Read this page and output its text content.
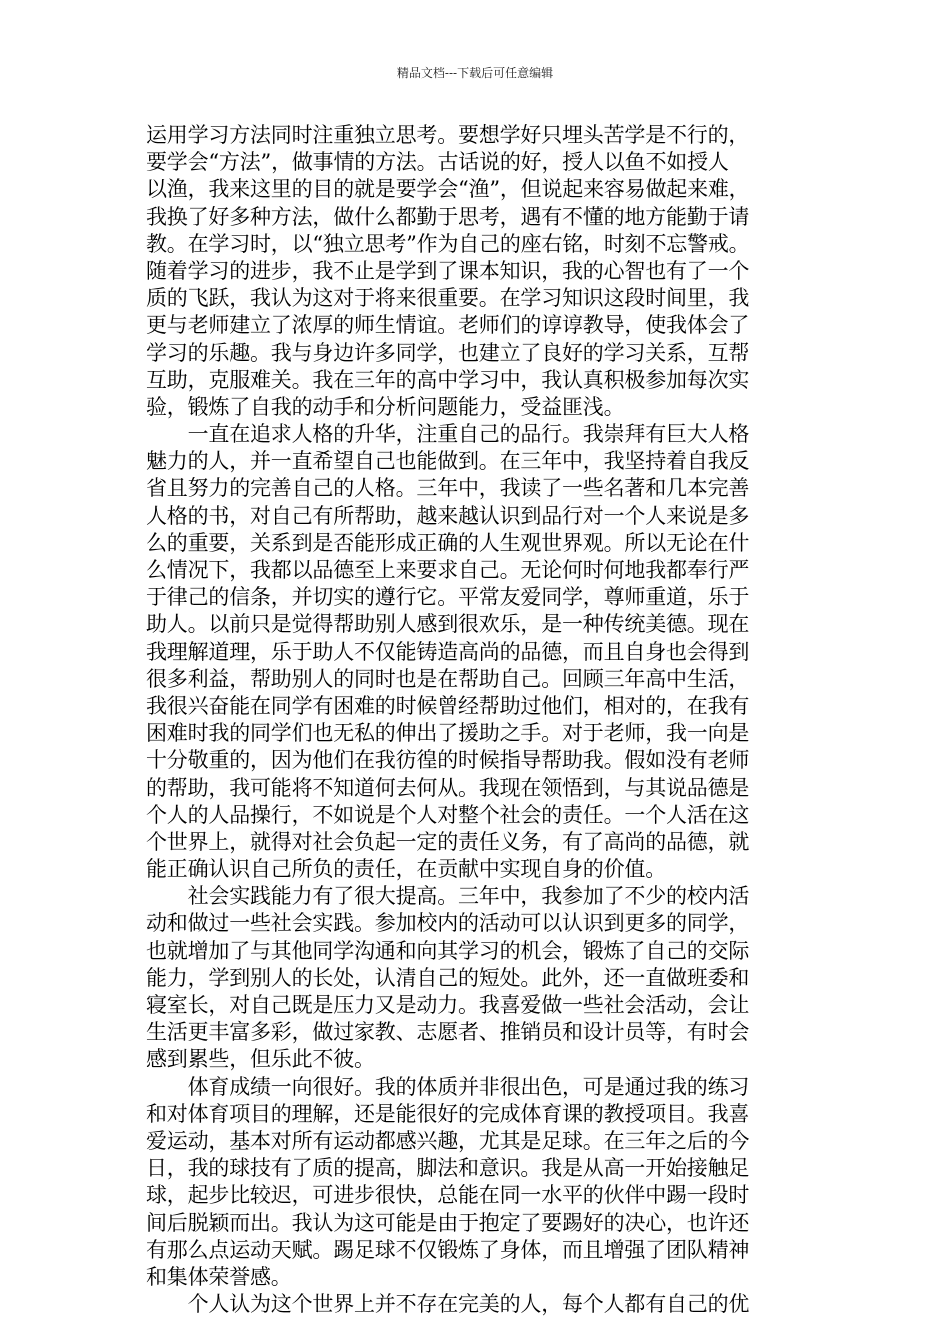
精品文档---下载后可任意编辑
运用学习方法同时注重独立思考。要想学好只埋头苦学是不行的，
要学会“方法”，做事情的方法。古话说的好，授人以鱼不如授人
以渔，我来这里的目的就是要学会“渔”，但说起来容易做起来难，
我换了好多种方法，做什么都勤于思考，遇有不懂的地方能勤于请
教。在学习时，以“独立思考”作为自己的座右铭，时刻不忘警戒。
随着学习的进步，我不止是学到了课本知识，我的心智也有了一个
质的飞跃，我认为这对于将来很重要。在学习知识这段时间里，我
更与老师建立了浓厚的师生情谊。老师们的谆谆教导，使我体会了
学习的乐趣。我与身边许多同学，也建立了良好的学习关系，互帮
互助，克服难关。我在三年的高中学习中，我认真积极参加每次实
验，锻炼了自我的动手和分析问题能力，受益匪浅。
　　一直在追求人格的升华，注重自己的品行。我崇拜有巨大人格
魅力的人，并一直希望自己也能做到。在三年中，我坚持着自我反
省且努力的完善自己的人格。三年中，我读了一些名著和几本完善
人格的书，对自己有所帮助，越来越认识到品行对一个人来说是多
么的重要，关系到是否能形成正确的人生观世界观。所以无论在什
么情况下，我都以品德至上来要求自己。无论何时何地我都奉行严
于律己的信条，并切实的遵行它。平常友爱同学，尊师重道，乐于
助人。以前只是觉得帮助别人感到很欢乐，是一种传统美德。现在
我理解道理，乐于助人不仅能铸造高尚的品德，而且自身也会得到
很多利益，帮助别人的同时也是在帮助自己。回顾三年高中生活，
我很兴奋能在同学有困难的时候曾经帮助过他们，相对的，在我有
困难时我的同学们也无私的伸出了援助之手。对于老师，我一向是
十分敬重的，因为他们在我彷徨的时候指导帮助我。假如没有老师
的帮助，我可能将不知道何去何从。我现在领悟到，与其说品德是
个人的人品操行，不如说是个人对整个社会的责任。一个人活在这
个世界上，就得对社会负起一定的责任义务，有了高尚的品德，就
能正确认识自己所负的责任，在贡献中实现自身的价值。
　　社会实践能力有了很大提高。三年中，我参加了不少的校内活
动和做过一些社会实践。参加校内的活动可以认识到更多的同学，
也就增加了与其他同学沟通和向其学习的机会，锻炼了自己的交际
能力，学到别人的长处，认清自己的短处。此外，还一直做班委和
寝室长，对自己既是压力又是动力。我喜爱做一些社会活动，会让
生活更丰富多彩，做过家教、志愿者、推销员和设计员等，有时会
感到累些，但乐此不彼。
　　体育成绩一向很好。我的体质并非很出色，可是通过我的练习
和对体育项目的理解，还是能很好的完成体育课的教授项目。我喜
爱运动，基本对所有运动都感兴趣，尤其是足球。在三年之后的今
日，我的球技有了质的提高，脚法和意识。我是从高一开始接触足
球，起步比较迟，可进步很快，总能在同一水平的伙伴中踢一段时
间后脱颖而出。我认为这可能是由于抱定了要踢好的决心，也许还
有那么点运动天赋。踢足球不仅锻炼了身体，而且增强了团队精神
和集体荣誉感。
　　个人认为这个世界上并不存在完美的人，每个人都有自己的优
